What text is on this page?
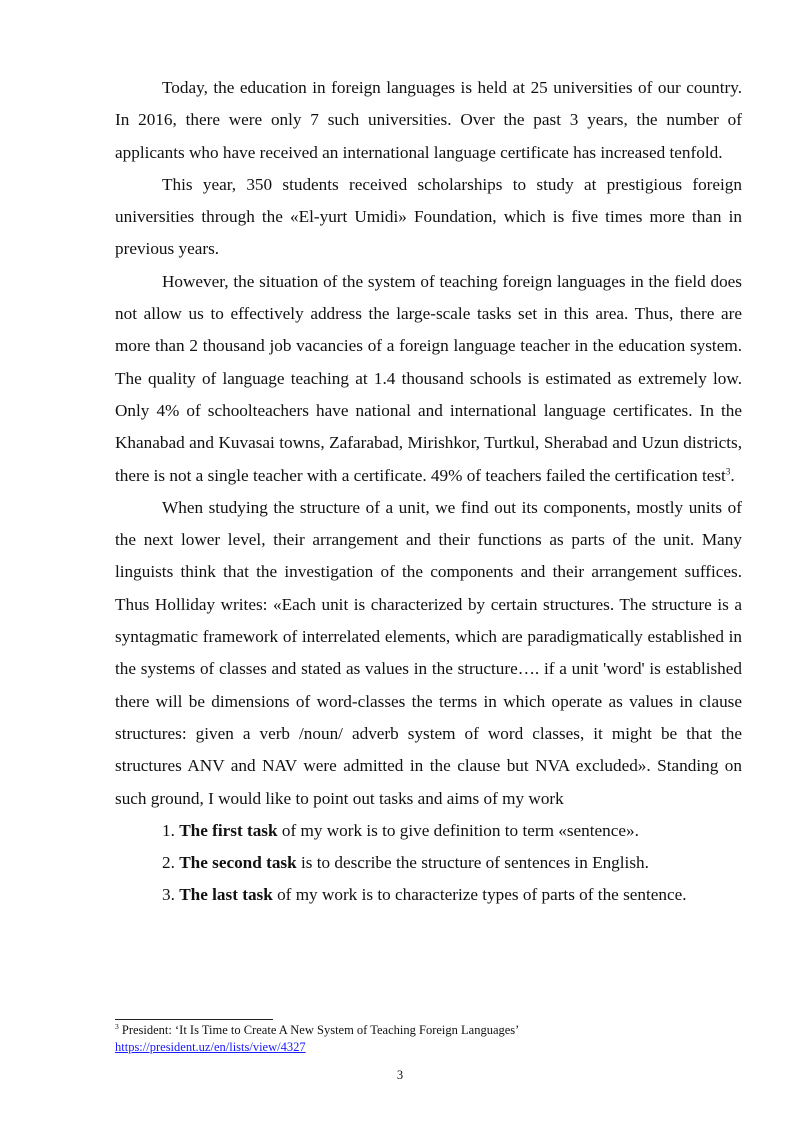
Today, the education in foreign languages is held at 25 universities of our country. In 2016, there were only 7 such universities. Over the past 3 years, the number of applicants who have received an international language certificate has increased tenfold.

This year, 350 students received scholarships to study at prestigious foreign universities through the «El-yurt Umidi» Foundation, which is five times more than in previous years.

However, the situation of the system of teaching foreign languages in the field does not allow us to effectively address the large-scale tasks set in this area. Thus, there are more than 2 thousand job vacancies of a foreign language teacher in the education system. The quality of language teaching at 1.4 thousand schools is estimated as extremely low. Only 4% of schoolteachers have national and international language certificates. In the Khanabad and Kuvasai towns, Zafarabad, Mirishkor, Turtkul, Sherabad and Uzun districts, there is not a single teacher with a certificate. 49% of teachers failed the certification test$^3$.

When studying the structure of a unit, we find out its components, mostly units of the next lower level, their arrangement and their functions as parts of the unit. Many linguists think that the investigation of the components and their arrangement suffices. Thus Holliday writes: «Each unit is characterized by certain structures. The structure is a syntagmatic framework of interrelated elements, which are paradigmatically established in the systems of classes and stated as values in the structure…. if a unit 'word' is established there will be dimensions of word-classes the terms in which operate as values in clause structures: given a verb /noun/ adverb system of word classes, it might be that the structures ANV and NAV were admitted in the clause but NVA excluded». Standing on such ground, I would like to point out tasks and aims of my work

1. The first task of my work is to give definition to term «sentence».

2. The second task is to describe the structure of sentences in English.

3. The last task of my work is to characterize types of parts of the sentence.

$^3$ President: ‘It Is Time to Create A New System of Teaching Foreign Languages’
https://president.uz/en/lists/view/4327
3
